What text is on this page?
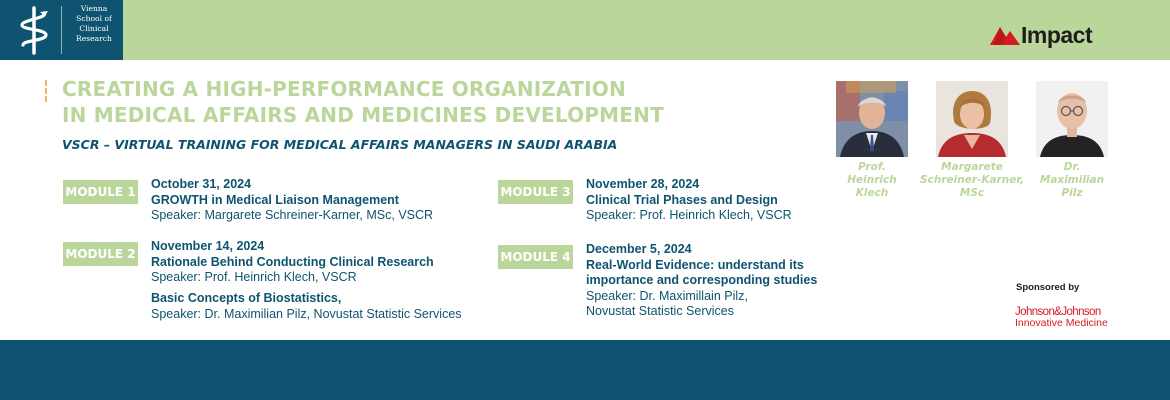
Vienna
School of
Clinical
Research	Impact
CREATING A HIGH-PERFORMANCE ORGANIZATION
IN MEDICAL AFFAIRS AND MEDICINES DEVELOPMENT
VSCR – VIRTUAL TRAINING FOR MEDICAL AFFAIRS MANAGERS IN SAUDI ARABIA
MODULE 1
October 31, 2024
GROWTH in Medical Liaison Management
Speaker: Margarete Schreiner-Karner, MSc, VSCR
MODULE 2
November 14, 2024
Rationale Behind Conducting Clinical Research
Speaker: Prof. Heinrich Klech, VSCR
Basic Concepts of Biostatistics,
Speaker: Dr. Maximilian Pilz, Novustat Statistic Services
MODULE 3
November 28, 2024
Clinical Trial Phases and Design
Speaker: Prof. Heinrich Klech, VSCR
MODULE 4
December 5, 2024
Real-World Evidence: understand its
importance and corresponding studies
Speaker: Dr. Maximillain Pilz,
Novustat Statistic Services
Prof.
Heinrich
Klech
Margarete
Schreiner-Karner,
MSc
Dr.
Maximilian
Pilz
Sponsored by
Johnson&Johnson
Innovative Medicine
